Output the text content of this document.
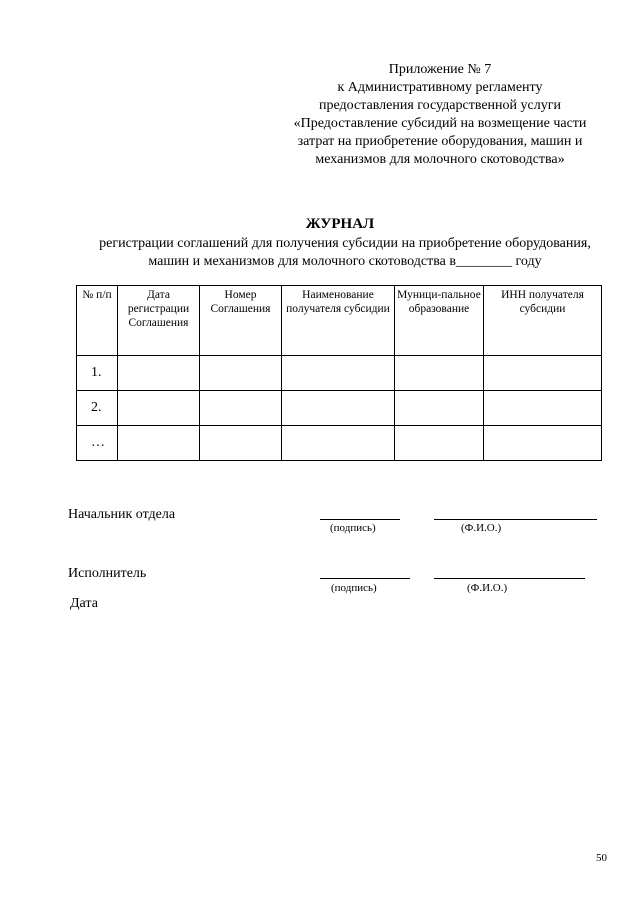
Приложение № 7
к Административному регламенту
предоставления государственной услуги
«Предоставление субсидий на возмещение части
затрат на приобретение оборудования, машин и
механизмов для молочного скотоводства»
ЖУРНАЛ
регистрации соглашений для получения субсидии на приобретение оборудования,
машин и механизмов для молочного скотоводства в________ году
№ п/п	Дата регистрации Соглашения	Номер Соглашения	Наименование получателя субсидии	Муници-пальное образование	ИНН получателя субсидии
1.					
2.					
…					
Начальник отдела
(подпись)	(Ф.И.О.)
Исполнитель
(подпись)	(Ф.И.О.)
Дата
50
